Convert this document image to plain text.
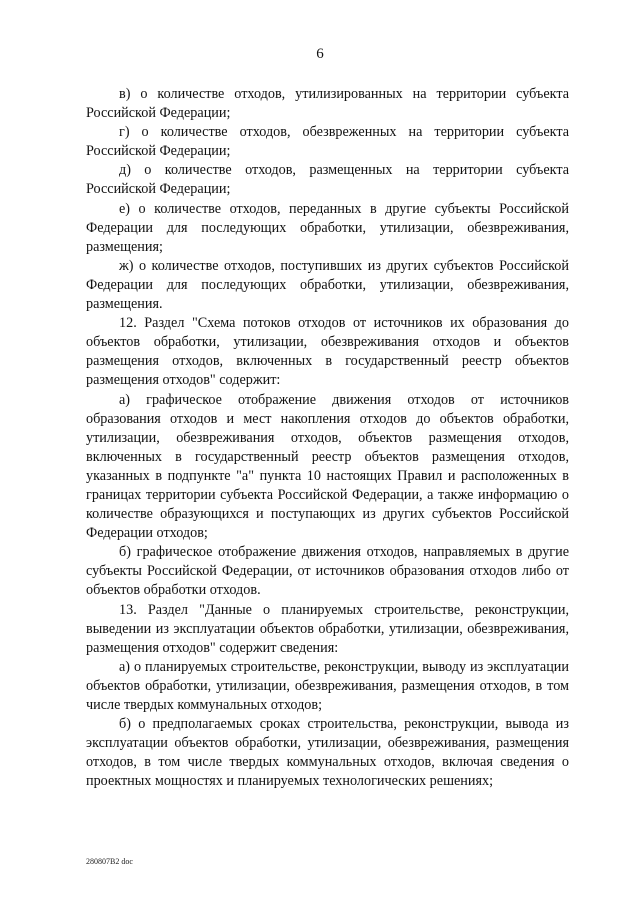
6

в) о количестве отходов, утилизированных на территории субъекта Российской Федерации;

г) о количестве отходов, обезвреженных на территории субъекта Российской Федерации;

д) о количестве отходов, размещенных на территории субъекта Российской Федерации;

е) о количестве отходов, переданных в другие субъекты Российской Федерации для последующих обработки, утилизации, обезвреживания, размещения;

ж) о количестве отходов, поступивших из других субъектов Российской Федерации для последующих обработки, утилизации, обезвреживания, размещения.

12. Раздел "Схема потоков отходов от источников их образования до объектов обработки, утилизации, обезвреживания отходов и объектов размещения отходов, включенных в государственный реестр объектов размещения отходов" содержит:

а) графическое отображение движения отходов от источников образования отходов и мест накопления отходов до объектов обработки, утилизации, обезвреживания отходов, объектов размещения отходов, включенных в государственный реестр объектов размещения отходов, указанных в подпункте "а" пункта 10 настоящих Правил и расположенных в границах территории субъекта Российской Федерации, а также информацию о количестве образующихся и поступающих из других субъектов Российской Федерации отходов;

б) графическое отображение движения отходов, направляемых в другие субъекты Российской Федерации, от источников образования отходов либо от объектов обработки отходов.

13. Раздел "Данные о планируемых строительстве, реконструкции, выведении из эксплуатации объектов обработки, утилизации, обезвреживания, размещения отходов" содержит сведения:

а) о планируемых строительстве, реконструкции, выводу из эксплуатации объектов обработки, утилизации, обезвреживания, размещения отходов, в том числе твердых коммунальных отходов;

б) о предполагаемых сроках строительства, реконструкции, вывода из эксплуатации объектов обработки, утилизации, обезвреживания, размещения отходов, в том числе твердых коммунальных отходов, включая сведения о проектных мощностях и планируемых технологических решениях;

280807В2 doc
